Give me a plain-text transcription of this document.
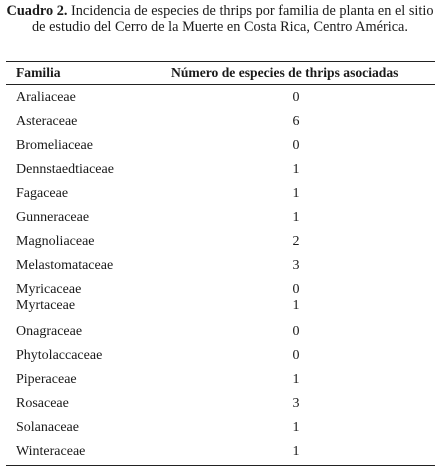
Cuadro 2. Incidencia de especies de thrips por familia de planta en el sitio de estudio del Cerro de la Muerte en Costa Rica, Centro América.
Familia	Número de especies de thrips asociadas
Araliaceae	0
Asteraceae	6
Bromeliaceae	0
Dennstaedtiaceae	1
Fagaceae	1
Gunneraceae	1
Magnoliaceae	2
Melastomataceae	3
Myricaceae	0
Myrtaceae	1
Onagraceae	0
Phytolaccaceae	0
Piperaceae	1
Rosaceae	3
Solanaceae	1
Winteraceae	1
